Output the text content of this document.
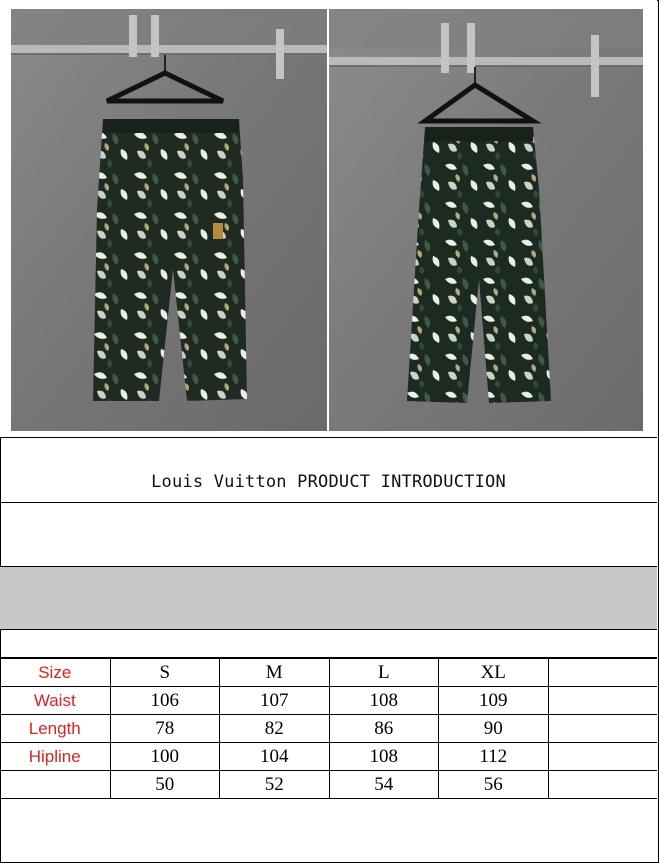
Louis Vuitton PRODUCT INTRODUCTION
Size	S	M	L	XL	
Waist	106	107	108	109	
Length	78	82	86	90	
Hipline	100	104	108	112	
	50	52	54	56	
